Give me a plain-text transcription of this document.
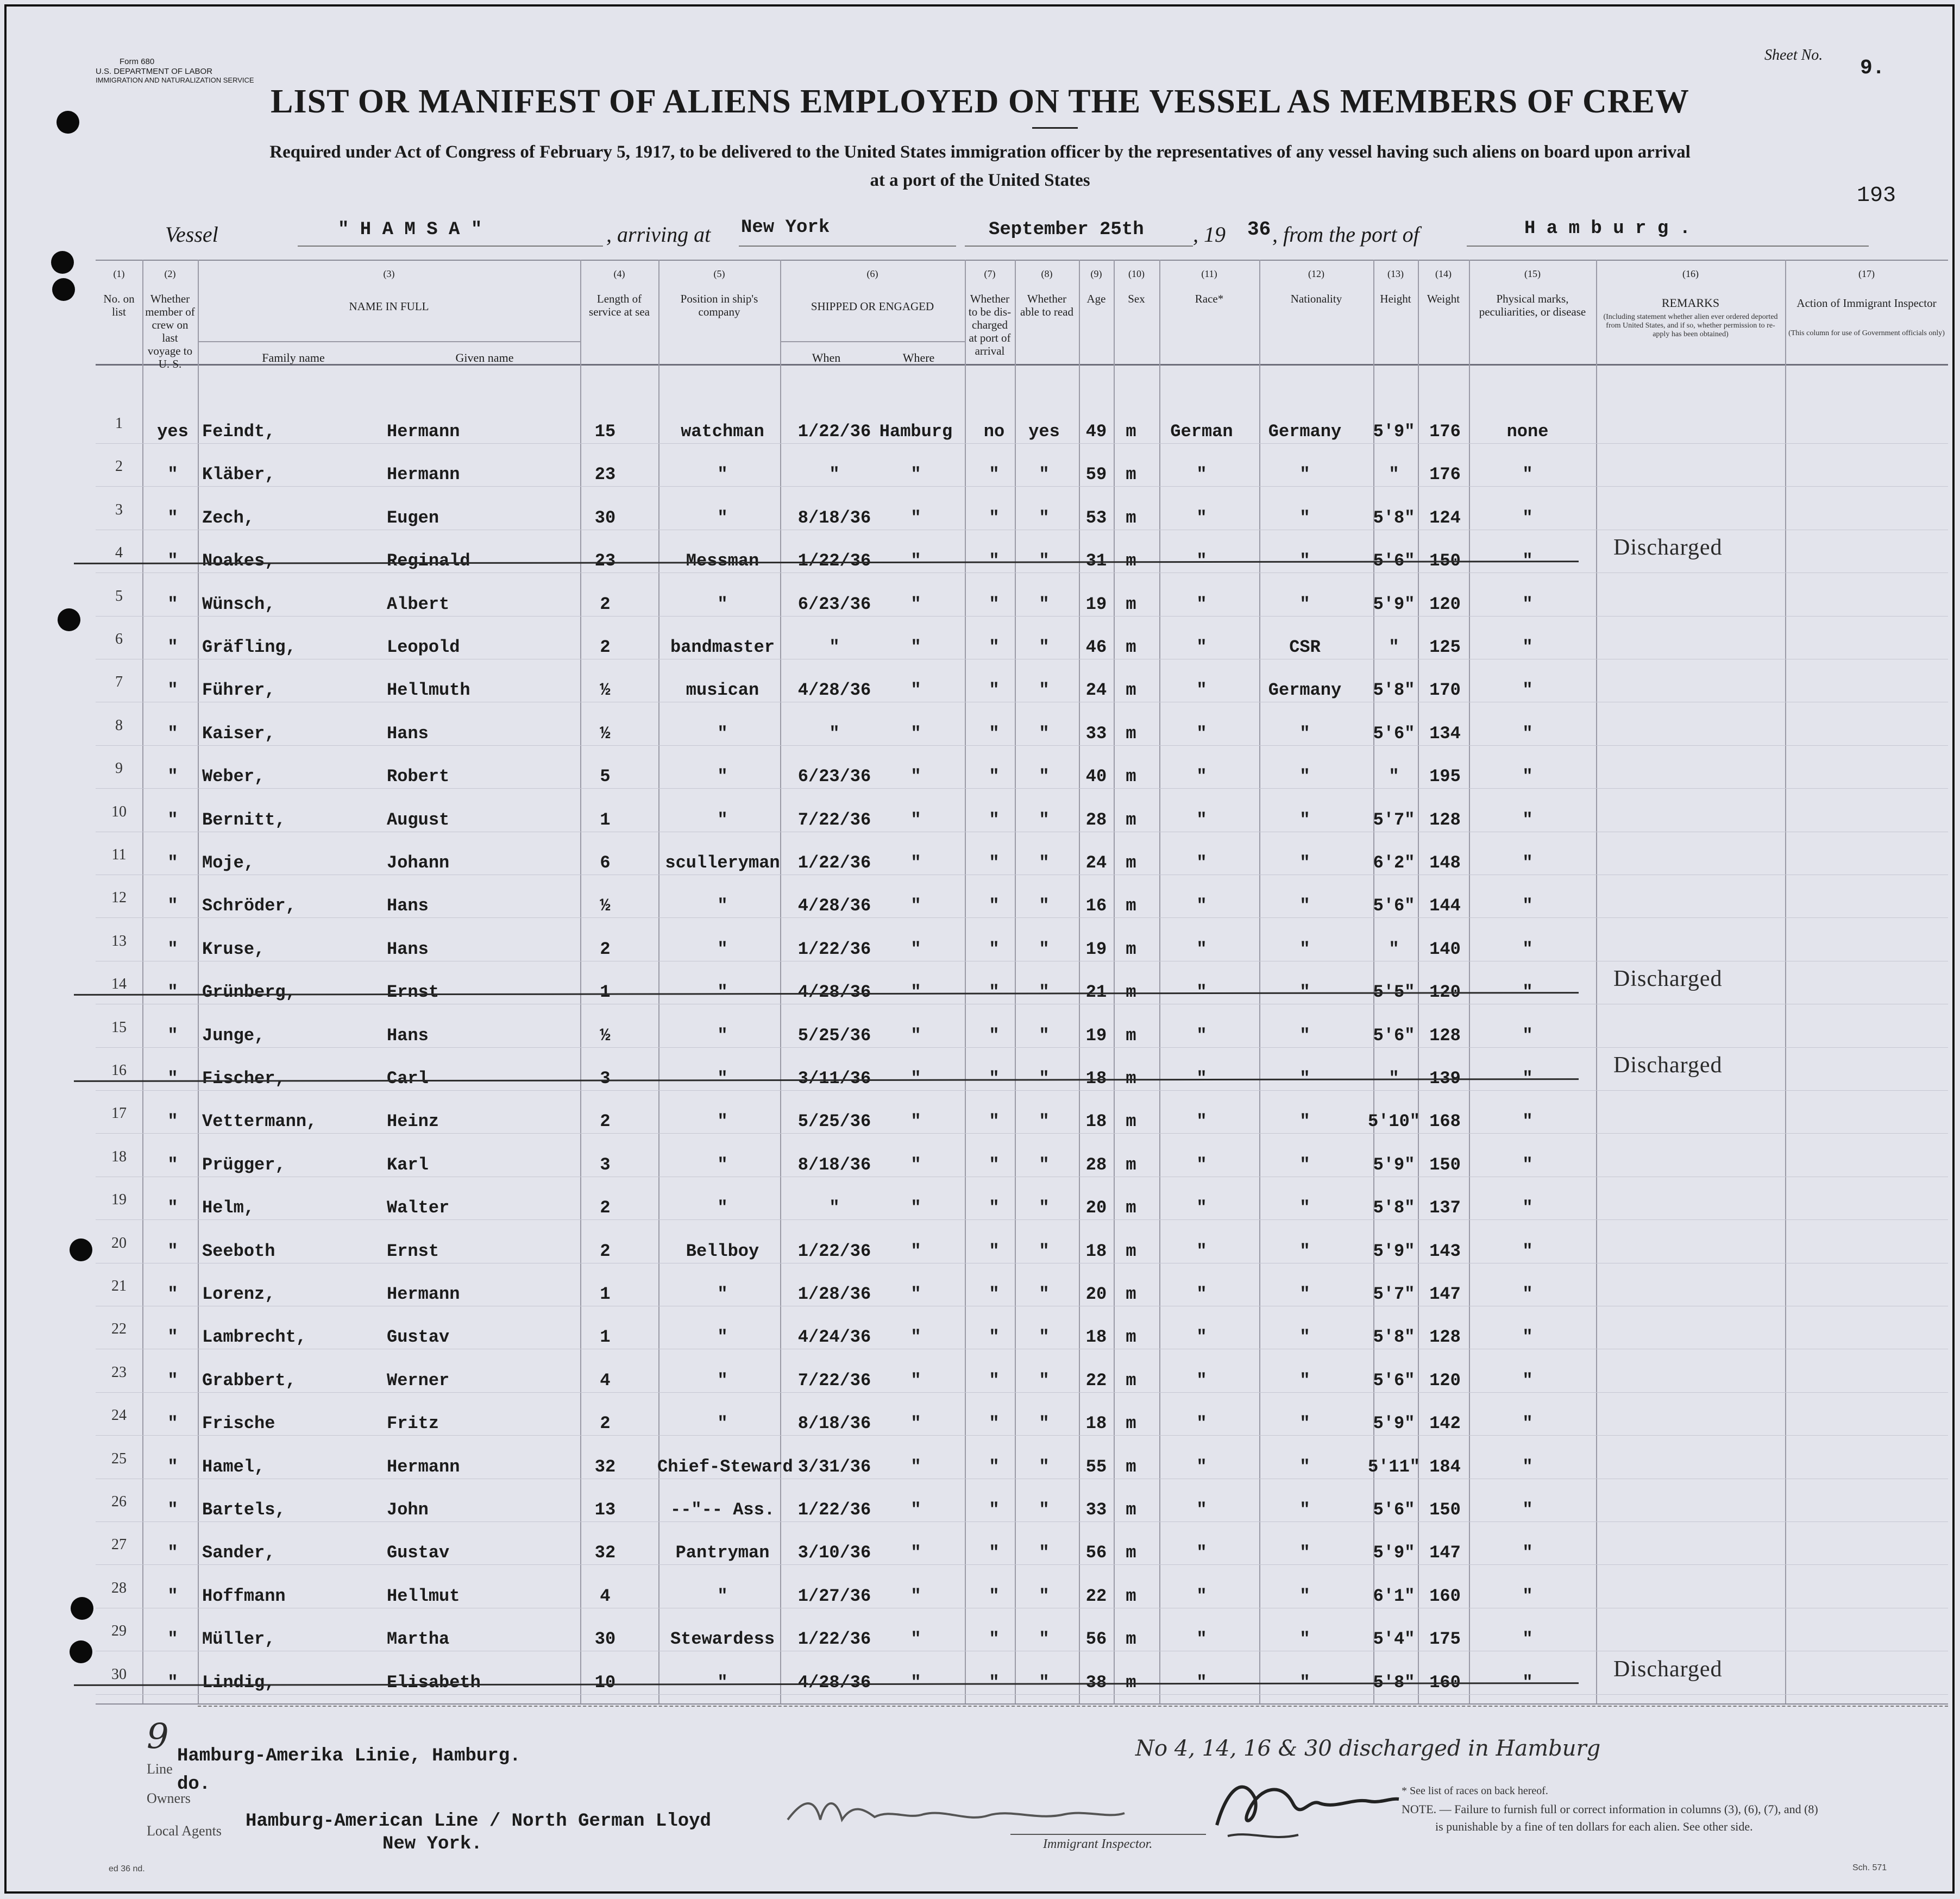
Form 680
U.S. DEPARTMENT OF LABOR
IMMIGRATION AND NATURALIZATION SERVICE
Sheet No.
9.
LIST OR MANIFEST OF ALIENS EMPLOYED ON THE VESSEL AS MEMBERS OF CREW
Required under Act of Congress of February 5, 1917, to be delivered to the United States immigration officer by the representatives of any vessel having such aliens on board upon arrival
at a port of the United States
193
Vessel	" H A M S A "	, arriving at New York	September 25th , 19 36 , from the port of	H a m b u r g .
(1)
No. on list
(2)
Whether member of crew on last voyage to U. S.
(3)
NAME IN FULL
Family name	Given name
(4)
Length of service at sea
(5)
Position in ship's company
(6)
SHIPPED OR ENGAGED
When	Where
(7)
Whether to be dis-charged at port of arrival
(8)
Whether able to read
(9)
Age
(10)
Sex
(11)
Race*
(12)
Nationality
(13)
Height
(14)
Weight
(15)
Physical marks, peculiarities, or disease
(16)
REMARKS
(Including statement whether alien ever ordered deported from United States, and if so, whether permission to re-apply has been obtained)
(17)
Action of Immigrant Inspector
(This column for use of Government officials only)
1	yes Feindt,	Hermann	15	watchman	1/22/36 Hamburg	no	yes	49	m	German	Germany	5'9" 176	none
2	"	Kläber,	Hermann	23	"	"	"	"	"	59	m	"	"	"	176	"
3	"	Zech,	Eugen	30	"	8/18/36	"	"	"	53	m	"	"	5'8" 124	"
4	"	Noakes,	Reginald	23	Messman	1/22/36	"	"	"	31	m	"	"	5'6" 150	"
Discharged
5	"	Wünsch,	Albert	2	"	6/23/36	"	"	"	19	m	"	"	5'9" 120	"
6	"	Gräfling,	Leopold	2	bandmaster	"	"	"	"	46	m	"	CSR	"	125	"
7	"	Führer,	Hellmuth	½	musican	4/28/36	"	"	"	24	m	"	Germany	5'8" 170	"
8	"	Kaiser,	Hans	½	"	"	"	"	"	33	m	"	"	5'6" 134	"
9	"	Weber,	Robert	5	"	6/23/36	"	"	"	40	m	"	"	"	195	"
10	"	Bernitt,	August	1	"	7/22/36	"	"	"	28	m	"	"	5'7" 128	"
11	"	Moje,	Johann	6	sculleryman	1/22/36	"	"	"	24	m	"	"	6'2" 148	"
12	"	Schröder,	Hans	½	"	4/28/36	"	"	"	16	m	"	"	5'6" 144	"
13	"	Kruse,	Hans	2	"	1/22/36	"	"	"	19	m	"	"	"	140	"
14	"	Grünberg,	Ernst	1	"	4/28/36	"	"	"	21	m	"	"	5'5" 120	"
Discharged
15	"	Junge,	Hans	½	"	5/25/36	"	"	"	19	m	"	"	5'6" 128	"
16	"	Fischer,	Carl	3	"	3/11/36	"	"	"	18	m	"	"	"	139	"
Discharged
17	"	Vettermann,	Heinz	2	"	5/25/36	"	"	"	18	m	"	"	5'10" 168	"
18	"	Prügger,	Karl	3	"	8/18/36	"	"	"	28	m	"	"	5'9" 150	"
19	"	Helm,	Walter	2	"	"	"	"	"	20	m	"	"	5'8" 137	"
20	"	Seeboth	Ernst	2	Bellboy	1/22/36	"	"	"	18	m	"	"	5'9" 143	"
21	"	Lorenz,	Hermann	1	"	1/28/36	"	"	"	20	m	"	"	5'7" 147	"
22	"	Lambrecht,	Gustav	1	"	4/24/36	"	"	"	18	m	"	"	5'8" 128	"
23	"	Grabbert,	Werner	4	"	7/22/36	"	"	"	22	m	"	"	5'6" 120	"
24	"	Frische	Fritz	2	"	8/18/36	"	"	"	18	m	"	"	5'9" 142	"
25	"	Hamel,	Hermann	32	Chief-Steward 3/31/36	"	"	"	55	m	"	"	5'11" 184	"
26	"	Bartels,	John	13	--"-- Ass.	1/22/36	"	"	"	33	m	"	"	5'6" 150	"
27	"	Sander,	Gustav	32	Pantryman	3/10/36	"	"	"	56	m	"	"	5'9" 147	"
28	"	Hoffmann	Hellmut	4	"	1/27/36	"	"	"	22	m	"	"	6'1" 160	"
29	"	Müller,	Martha	30	Stewardess	1/22/36	"	"	"	56	m	"	"	5'4" 175	"
30	"	Lindig,	Elisabeth	10	"	4/28/36	"	"	"	38	m	"	"	5'8" 160	"
Discharged
9
Line
Hamburg-Amerika Linie, Hamburg.
Owners
do.
Local Agents Hamburg-American Line / North German Lloyd
New York.	Immigrant Inspector.
No 4, 14, 16 & 30 discharged in Hamburg
* See list of races on back hereof.
NOTE. — Failure to furnish full or correct information in columns (3), (6), (7), and (8)
is punishable by a fine of ten dollars for each alien. See other side.
ed 36 nd.	Sch. 571
